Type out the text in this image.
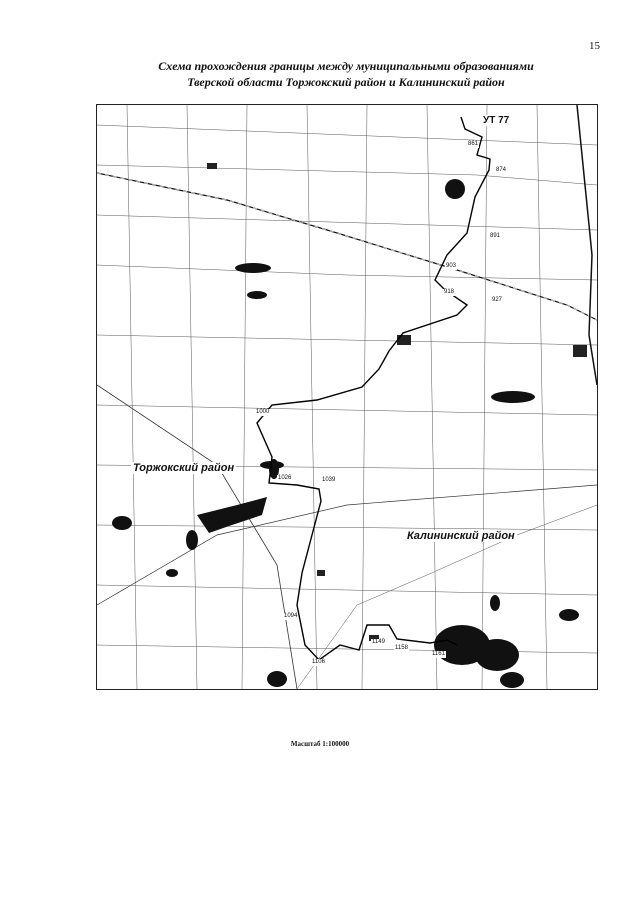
15
Схема прохождения границы между муниципальными образованиями
Тверской области Торжокский район и Калининский район
Торжокский район
Калининский район
УТ 77
861
874
891
903
918
927
1000
1026	1039
1094
1106
1149
1158
1161
Масштаб 1:100000
